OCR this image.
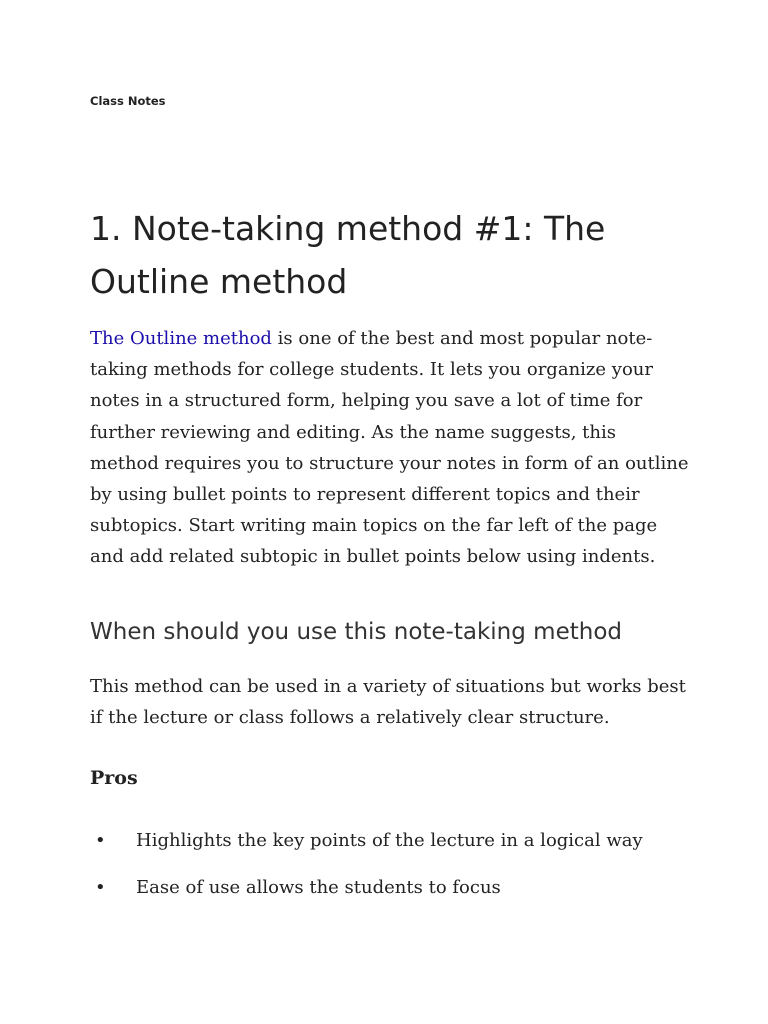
Class Notes
1. Note-taking method #1: The Outline method

The Outline method is one of the best and most popular note-taking methods for college students. It lets you organize your notes in a structured form, helping you save a lot of time for further reviewing and editing. As the name suggests, this method requires you to structure your notes in form of an outline by using bullet points to represent different topics and their subtopics. Start writing main topics on the far left of the page and add related subtopic in bullet points below using indents.

When should you use this note-taking method

This method can be used in a variety of situations but works best if the lecture or class follows a relatively clear structure.

Pros
• Highlights the key points of the lecture in a logical way
• Ease of use allows the students to focus
